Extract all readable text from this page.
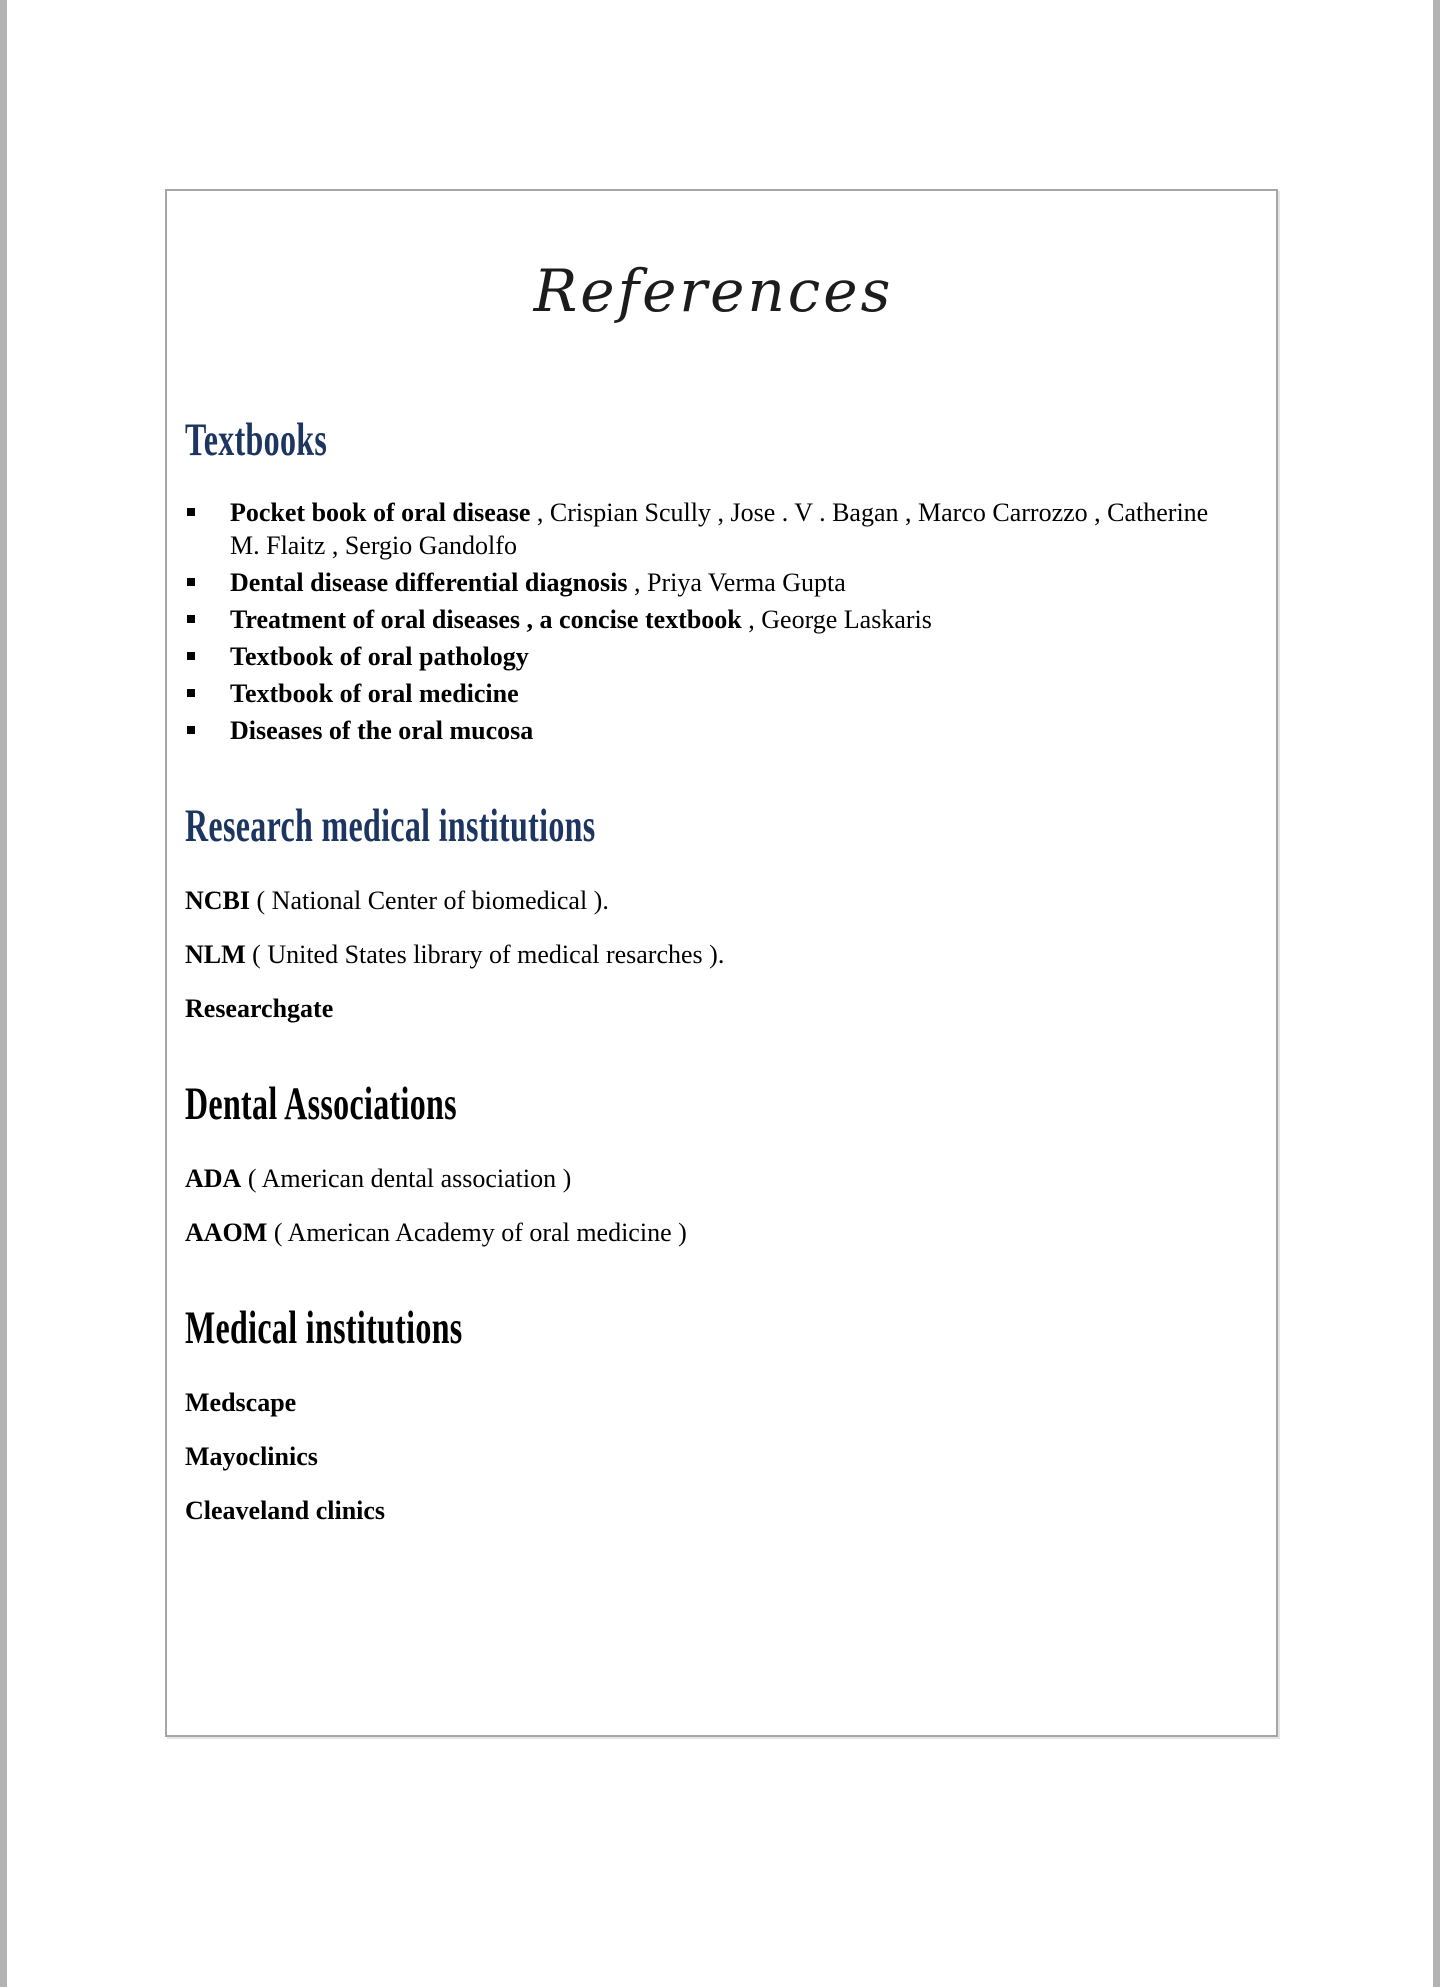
References
Textbooks
Pocket book of oral disease , Crispian Scully , Jose . V . Bagan , Marco Carrozzo , Catherine M. Flaitz , Sergio Gandolfo
Dental disease differential diagnosis , Priya Verma Gupta
Treatment of oral diseases , a concise textbook , George Laskaris
Textbook of oral pathology
Textbook of oral medicine
Diseases of the oral mucosa
Research medical institutions

NCBI ( National Center of biomedical ).

NLM ( United States library of medical resarches ).

Researchgate

Dental Associations

ADA ( American dental association )

AAOM ( American Academy of oral medicine )

Medical institutions

Medscape

Mayoclinics

Cleaveland clinics
